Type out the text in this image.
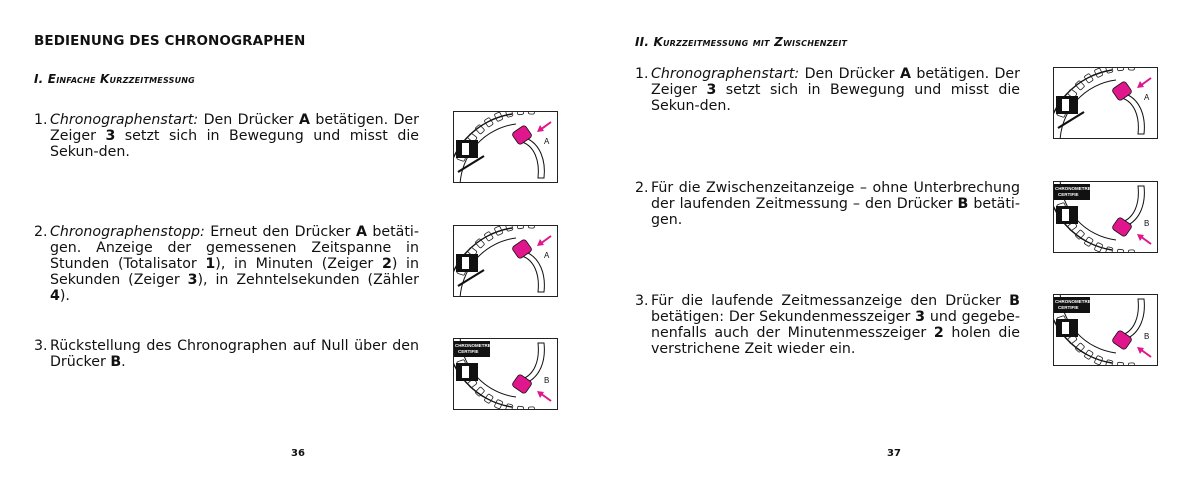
BEDIENUNG DES CHRONOGRAPHEN
I. Einfache Kurzzeitmessung
1. Chronographenstart: Den Drücker A betätigen. Der Zeiger 3 setzt sich in Bewegung und misst die Sekun-den.
2. Chronographenstopp: Erneut den Drücker A betäti-gen. Anzeige der gemessenen Zeitspanne in Stunden (Totalisator 1), in Minuten (Zeiger 2) in Sekunden (Zeiger 3), in Zehntelsekunden (Zähler 4).
3. Rückstellung des Chronographen auf Null über den Drücker B.
A
A
CHRONOMETRE
CERTIFIE
B
36
II. Kurzzeitmessung mit Zwischenzeit
1. Chronographenstart: Den Drücker A betätigen. Der Zeiger 3 setzt sich in Bewegung und misst die Sekun-den.
2. Für die Zwischenzeitanzeige – ohne Unterbrechung der laufenden Zeitmessung – den Drücker B betäti-gen.
3. Für die laufende Zeitmessanzeige den Drücker B betätigen: Der Sekundenmesszeiger 3 und gegebe-nenfalls auch der Minutenmesszeiger 2 holen die verstrichene Zeit wieder ein.
A
CHRONOMETRE
CERTIFIE
B
CHRONOMETRE
CERTIFIE
B
37
